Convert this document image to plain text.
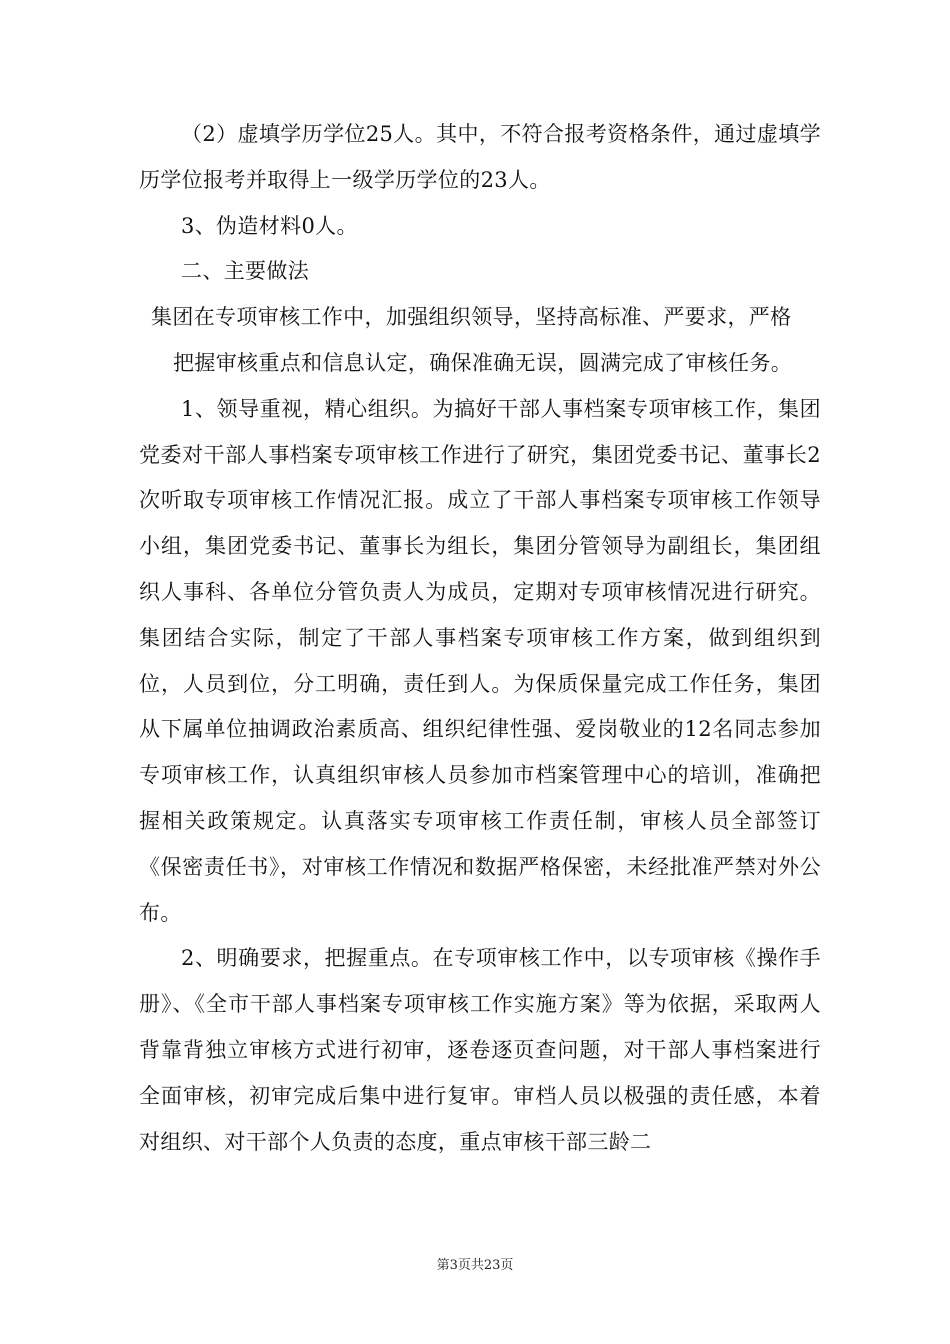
（2）虚填学历学位25人。其中，不符合报考资格条件，通过虚填学历学位报考并取得上一级学历学位的23人。

3、伪造材料0人。

二、主要做法

集团在专项审核工作中，加强组织领导，坚持高标准、严要求，严格
把握审核重点和信息认定，确保准确无误，圆满完成了审核任务。

1、领导重视，精心组织。为搞好干部人事档案专项审核工作，集团党委对干部人事档案专项审核工作进行了研究，集团党委书记、董事长2次听取专项审核工作情况汇报。成立了干部人事档案专项审核工作领导小组，集团党委书记、董事长为组长，集团分管领导为副组长，集团组织人事科、各单位分管负责人为成员，定期对专项审核情况进行研究。集团结合实际，制定了干部人事档案专项审核工作方案，做到组织到位，人员到位，分工明确，责任到人。为保质保量完成工作任务，集团从下属单位抽调政治素质高、组织纪律性强、爱岗敬业的12名同志参加专项审核工作，认真组织审核人员参加市档案管理中心的培训，准确把握相关政策规定。认真落实专项审核工作责任制，审核人员全部签订《保密责任书》，对审核工作情况和数据严格保密，未经批准严禁对外公布。

2、明确要求，把握重点。在专项审核工作中，以专项审核《操作手册》、《全市干部人事档案专项审核工作实施方案》等为依据，采取两人背靠背独立审核方式进行初审，逐卷逐页查问题，对干部人事档案进行全面审核，初审完成后集中进行复审。审档人员以极强的责任感，本着对组织、对干部个人负责的态度，重点审核干部三龄二

第3页共23页
